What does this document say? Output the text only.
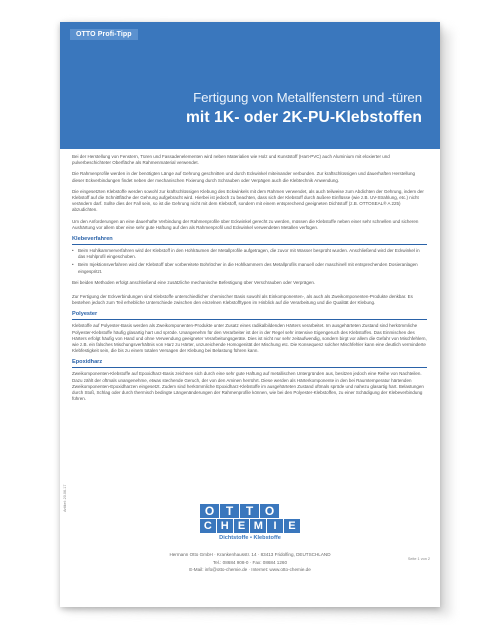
OTTO Profi-Tipp
Fertigung von Metallfenstern und -türen
mit 1K- oder 2K-PU-Klebstoffen

Bei der Herstellung von Fenstern, Türen und Fassadenelementen wird neben Materialien wie Holz und Kunststoff (Hart-PVC) auch Aluminium mit eloxierter und pulverbeschichteter Oberfläche als Rahmenmaterial verwendet.

Die Rahmenprofile werden in der benötigten Länge auf Gehrung geschnitten und durch Eckwinkel miteinander verbunden. Zur kraftschlüssigen und dauerhaften Herstellung dieser Eckverbindungen findet neben der mechanischen Fixierung durch Schrauben oder Verpägen auch die Klebtechnik Anwendung.

Die eingesetzten Klebstoffe werden sowohl zur kraftschlüssigen Klebung des Eckwinkels mit dem Rahmen verwendet, als auch teilweise zum Abdichten der Gehrung, indem der Klebstoff auf die Schnittfläche der Gehrung aufgebracht wird. Hierbei ist jedoch zu beachten, dass sich der Klebstoff durch äußere Einflüsse (wie z.B. UV-Strahlung, etc.) nicht verändern darf. Sollte dies der Fall sein, so ist die Gehrung nicht mit dem Klebstoff, sondern mit einem entsprechend geeigneten Dichtstoff (z.B. OTTOSEAL® A 225) abzudichten.

Um den Anforderungen an eine dauerhafte Verbindung der Rahmenprofile über Eckwinkel gerecht zu werden, müssen die Klebstoffe neben einer sehr schnellen und sicheren Aushärtung vor allem über eine sehr gute Haftung auf den als Rahmenprofil und Eckwinkel verwendeten Metallen verfügen.

Klebeverfahren
• Beim Hohlkammerverfahren wird der Klebstoff in den Hohlräumen der Metallprofile aufgetragen, die zuvor mit Wasser besprüht wurden. Anschließend wird der Eckwinkel in das Hohlprofil eingeschoben.
• Beim Injektionsverfahren wird der Klebstoff über vorbereitete Bohrlöcher in die Hohlkammern des Metallprofils manuell oder maschinell mit entsprechenden Dosieranlagen eingespritzt.

Bei beiden Methoden erfolgt anschließend eine zusätzliche mechanische Befestigung über Verschrauben oder Verprägen.

Zur Fertigung der Eckverbindungen sind Klebstoffe unterschiedlicher chemischer Basis sowohl als Einkomponenten-, als auch als Zweikomponenten-Produkte denkbar. Es bestehen jedoch zum Teil erhebliche Unterschiede zwischen den einzelnen Klebstofftypen im Hinblick auf die Verarbeitung und die Qualität der Klebung.

Polyester

Klebstoffe auf Polyester-Basis werden als Zweikomponenten-Produkte unter Zusatz eines radikalbildenden Härters verarbeitet. Im ausgehärteten Zustand sind herkömmliche Polyester-Klebstoffe häufig glasartig hart und spröde. Unangenehm für den Verarbeiter ist der in der Regel sehr intensive Eigengeruch des Klebstoffes. Das Einmischen des Härters erfolgt häufig von Hand und ohne Verwendung geeigneter Verarbeitungsgeräte. Dies ist nicht nur sehr zeitaufwendig, sondern birgt vor allem die Gefahr von Mischfehlern, wie z.B. ein falsches Mischungsverhältnis von Harz zu Härter, unzureichende Homogenität der Mischung etc. Die Konsequenz solcher Mischfehler kann eine deutlich verminderte Klebfestigkeit sein, die bis zu einem totalen Versagen der Klebung bei Belastung führen kann.

Epoxidharz

Zweikomponenten-Klebstoffe auf Epoxidharz-Basis zeichnen sich durch eine sehr gute Haftung auf metallischen Untergründen aus, besitzen jedoch eine Reihe von Nachteilen. Dazu zählt der oftmals unangenehme, etwas stechende Geruch, der von den Aminen herrührt. Diese werden als Härterkomponente in den bei Raumtemperatur härtenden Zweikomponenten-Epoxidharzen eingesetzt. Zudem sind herkömmliche Epoxidharz-Klebstoffe im ausgehärteten Zustand oftmals spröde und nahezu glasartig hart. Belastungen durch Stoß, Schlag oder durch thermisch bedingte Längenänderungen der Rahmenprofile können, wie bei den Polyester-Klebstoffen, zu einer Schädigung der Klebeverbindung führen.

Artikel: 20.06.17
Seite 1 von 2
O T	T O
C H E M I	E
Dichtstoffe • Klebstoffe
Hermann Otto GmbH · Krankenhausstr. 14 · 83413 Fridolfing, DEUTSCHLAND
Tel.: 08684 908-0 · Fax: 08684 1260
E-Mail: info@otto-chemie.de · Internet: www.otto-chemie.de
